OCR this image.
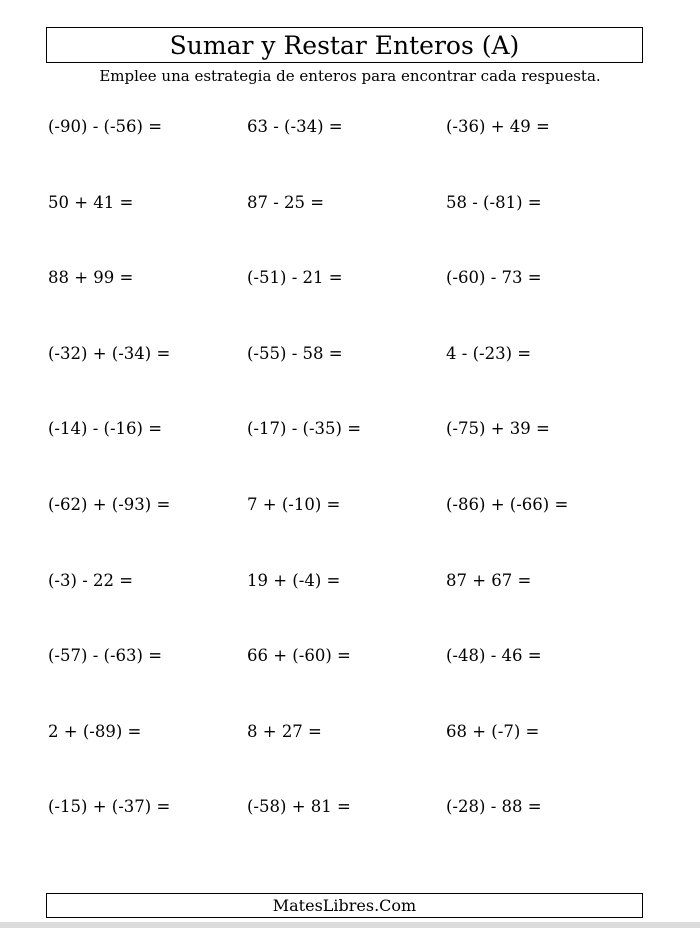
Sumar y Restar Enteros (A)
Emplee una estrategia de enteros para encontrar cada respuesta.
(-90) - (-56) =	63 - (-34) =	(-36) + 49 =
50 + 41 =	87 - 25 =	58 - (-81) =
88 + 99 =	(-51) - 21 =	(-60) - 73 =
(-32) + (-34) =	(-55) - 58 =	4 - (-23) =
(-14) - (-16) =	(-17) - (-35) =	(-75) + 39 =
(-62) + (-93) =	7 + (-10) =	(-86) + (-66) =
(-3) - 22 =	19 + (-4) =	87 + 67 =
(-57) - (-63) =	66 + (-60) =	(-48) - 46 =
2 + (-89) =	8 + 27 =	68 + (-7) =
(-15) + (-37) =	(-58) + 81 =	(-28) - 88 =
MatesLibres.Com
